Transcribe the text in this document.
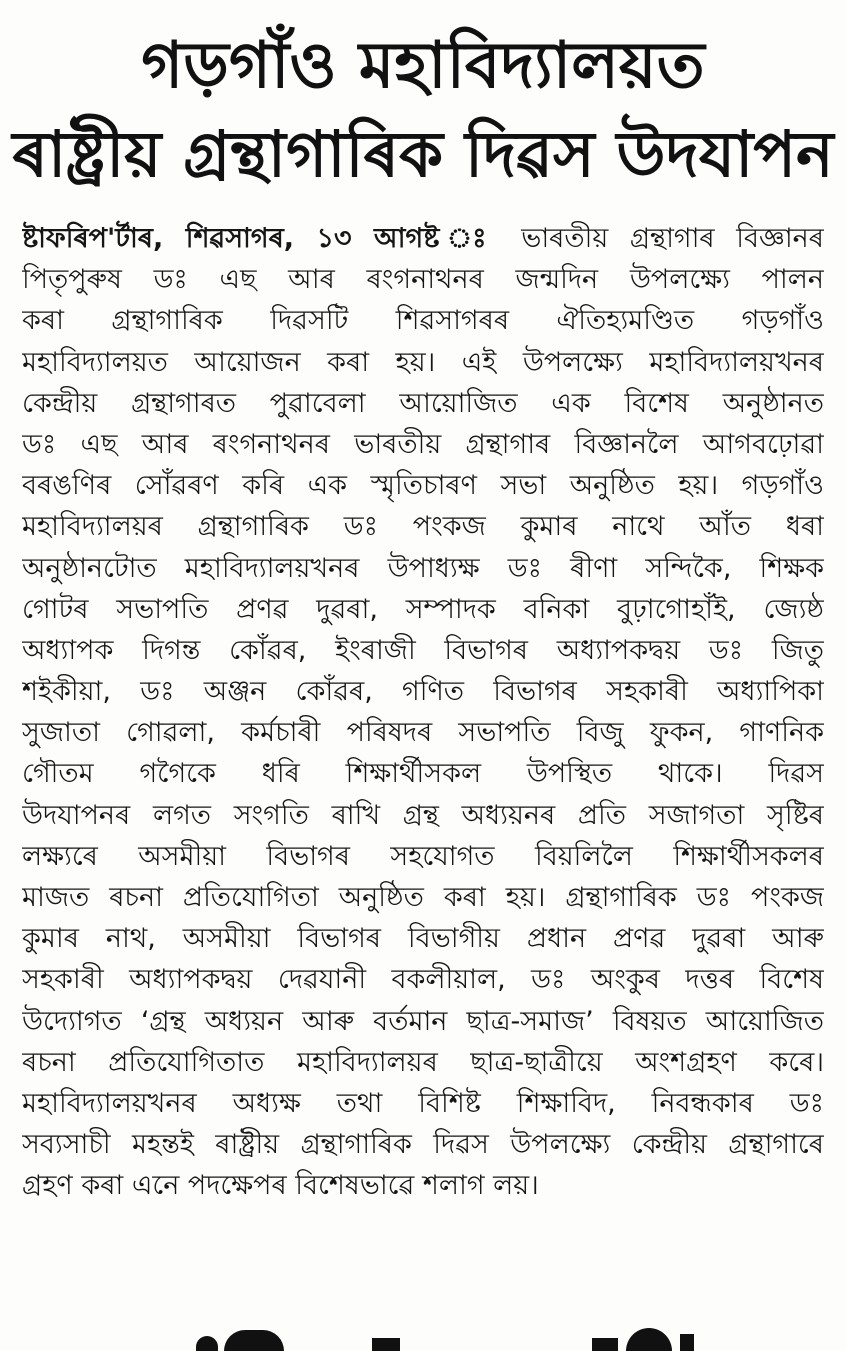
গড়গাঁও মহাবিদ্যালয়ত
ৰাষ্ট্ৰীয় গ্ৰন্থাগাৰিক দিৱস উদযাপন
ষ্টাফৰিপ'ৰ্টাৰ, শিৱসাগৰ, ১৩ আগষ্ট ঃ ভাৰতীয় গ্ৰন্থাগাৰ বিজ্ঞানৰ
পিতৃপুৰুষ ডঃ এছ আৰ ৰংগনাথনৰ জন্মদিন উপলক্ষ্যে পালন
কৰা গ্ৰন্থাগাৰিক দিৱসটি শিৱসাগৰৰ ঐতিহ্যমণ্ডিত গড়গাঁও
মহাবিদ্যালয়ত আয়োজন কৰা হয়। এই উপলক্ষ্যে মহাবিদ্যালয়খনৰ
কেন্দ্ৰীয় গ্ৰন্থাগাৰত পুৱাবেলা আয়োজিত এক বিশেষ অনুষ্ঠানত
ডঃ এছ আৰ ৰংগনাথনৰ ভাৰতীয় গ্ৰন্থাগাৰ বিজ্ঞানলৈ আগবঢ়োৱা
বৰঙণিৰ সোঁৱৰণ কৰি এক স্মৃতিচাৰণ সভা অনুষ্ঠিত হয়। গড়গাঁও
মহাবিদ্যালয়ৰ গ্ৰন্থাগাৰিক ডঃ পংকজ কুমাৰ নাথে আঁত ধৰা
অনুষ্ঠানটোত মহাবিদ্যালয়খনৰ উপাধ্যক্ষ ডঃ ৰীণা সন্দিকৈ, শিক্ষক
গোটৰ সভাপতি প্ৰণৱ দুৱৰা, সম্পাদক বনিকা বুঢ়াগোহাঁই, জ্যেষ্ঠ
অধ্যাপক দিগন্ত কোঁৱৰ, ইংৰাজী বিভাগৰ অধ্যাপকদ্বয় ডঃ জিতু
শইকীয়া, ডঃ অঞ্জন কোঁৱৰ, গণিত বিভাগৰ সহকাৰী অধ্যাপিকা
সুজাতা গোৱলা, কৰ্মচাৰী পৰিষদৰ সভাপতি বিজু ফুকন, গাণনিক
গৌতম গগৈকে ধৰি শিক্ষাৰ্থীসকল উপস্থিত থাকে। দিৱস
উদযাপনৰ লগত সংগতি ৰাখি গ্ৰন্থ অধ্যয়নৰ প্ৰতি সজাগতা সৃষ্টিৰ
লক্ষ্যৰে অসমীয়া বিভাগৰ সহযোগত বিয়লিলৈ শিক্ষাৰ্থীসকলৰ
মাজত ৰচনা প্ৰতিযোগিতা অনুষ্ঠিত কৰা হয়। গ্ৰন্থাগাৰিক ডঃ পংকজ
কুমাৰ নাথ, অসমীয়া বিভাগৰ বিভাগীয় প্ৰধান প্ৰণৱ দুৱৰা আৰু
সহকাৰী অধ্যাপকদ্বয় দেৱযানী বকলীয়াল, ডঃ অংকুৰ দত্তৰ বিশেষ
উদ্যোগত ‘গ্ৰন্থ অধ্যয়ন আৰু বৰ্তমান ছাত্ৰ-সমাজ’ বিষয়ত আয়োজিত
ৰচনা প্ৰতিযোগিতাত মহাবিদ্যালয়ৰ ছাত্ৰ-ছাত্ৰীয়ে অংশগ্ৰহণ কৰে।
মহাবিদ্যালয়খনৰ অধ্যক্ষ তথা বিশিষ্ট শিক্ষাবিদ, নিবন্ধকাৰ ডঃ
সব্যসাচী মহন্তই ৰাষ্ট্ৰীয় গ্ৰন্থাগাৰিক দিৱস উপলক্ষ্যে কেন্দ্ৰীয় গ্ৰন্থাগাৰে
গ্ৰহণ কৰা এনে পদক্ষেপৰ বিশেষভাৱে শলাগ লয়।
